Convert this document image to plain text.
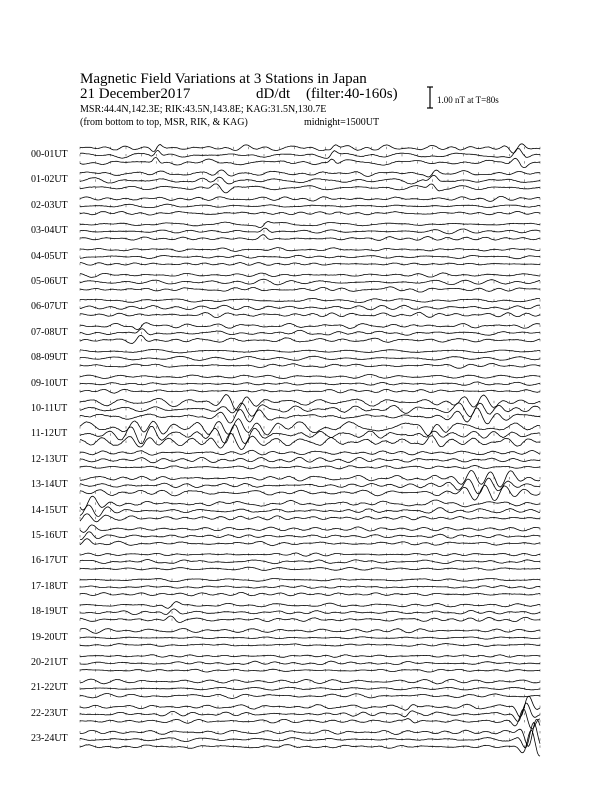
Magnetic Field Variations at 3 Stations in Japan
21 December2017	dD/dt (filter:40-160s)
MSR:44.4N,142.3E; RIK:43.5N,143.8E; KAG:31.5N,130.7E
(from bottom to top, MSR, RIK, & KAG)	midnight=1500UT
1.00 nT at T=80s
00-01UT
01-02UT
02-03UT
03-04UT
04-05UT
05-06UT
06-07UT
07-08UT
08-09UT
09-10UT
10-11UT
11-12UT
12-13UT
13-14UT
14-15UT
15-16UT
16-17UT
17-18UT
18-19UT
19-20UT
20-21UT
21-22UT
22-23UT
23-24UT
